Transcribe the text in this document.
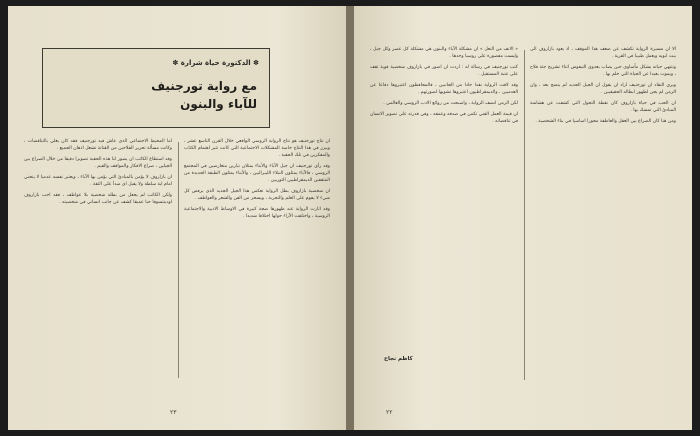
✽ الدكتورة حياة شرارة ✽
مع رواية تورجنيف
للآباء والبنون

ان نتاج تورجنيف هو نتاج الرواية الروسي الواقعي خلال القرن التاسع عشر ، ويبرز في هذا النتاج خاصة المشكلات الاجتماعية التي كانت تثير اهتمام الكتاب والمفكرين في تلك الحقبة .

وقد رأى تورجنيف ان جيل الآباء والأبناء يمثلان تيارين متعارضين في المجتمع الروسي ، فالآباء يمثلون النبلاء الليبراليين ، والأبناء يمثلون الطبقة الجديدة من المثقفين الديمقراطيين الثوريين .

ان شخصية بازاروف بطل الرواية تعكس هذا الجيل الجديد الذي يرفض كل شيء لا يقوم على العلم والتجربة ، ويسخر من الفن والشعر والعواطف .

وقد اثارت الرواية عند ظهورها ضجة كبيرة في الاوساط الادبية والاجتماعية الروسية ، واختلفت الآراء حولها اختلافا شديدا .

اما المحيط الاجتماعي الذي عاش فيه تورجنيف فقد كان يغلي بالتناقضات ، وكانت مسألة تحرير الفلاحين من القنانة تشغل اذهان الجميع .

وقد استطاع الكاتب ان يصور لنا هذه الحقبة تصويرا دقيقا من خلال الصراع بين الجيلين ، صراع الافكار والمواقف والقيم .

ان بازاروف لا يؤمن بالمبادئ التي يؤمن بها الآباء ، ويعتبر نفسه عدميا لا ينحني امام اية سلطة ولا يقبل اي مبدأ على الثقة .

ولكن الكاتب لم يجعل من بطله شخصية بلا عواطف ، فقد احب بازاروف اودينتسوفا حبا عميقا كشف عن جانب انساني في شخصيته .

٢٣

الا ان مسيرة الرواية تكشف عن ضعف هذا الموقف ، اذ يعود بازاروف الى بيت ابويه ويعمل طبيبا في القرية .

وتنتهي حياته بشكل مأساوي حين يصاب بعدوى التيفوس اثناء تشريح جثة فلاح ، ويموت بعيدا عن الحياة التي حلم بها .

ويرى النقاد ان تورجنيف اراد ان يقول ان الجيل الجديد لم ينضج بعد ، وان الزمن لم يحن لظهور ابطاله الحقيقيين .

ان الحب في حياة بازاروف كان نقطة التحول التي كشفت عن هشاشة المبادئ التي تمسك بها .

ومن هنا كان الصراع بين العقل والعاطفة محورا اساسيا في بناء الشخصية .

« الانف من النعل » ان مشكلة الآباء والبنون هي مشكلة كل عصر وكل جيل ، وليست مقصورة على روسيا وحدها .

كتب تورجنيف في رسالة له : اردت ان اصور في بازاروف شخصية قوية تقف على عتبة المستقبل .

وقد لاقت الرواية نقدا حادا من الجانبين ، فالمحافظون اعتبروها دفاعا عن العدميين ، والديمقراطيون اعتبروها تشويها لصورتهم .

لكن الزمن انصف الرواية ، واصبحت من روائع الادب الروسي والعالمي .

ان قيمة العمل الفني تكمن في صدقه وعمقه ، وفي قدرته على تصوير الانسان في تناقضاته .

كاظم نجاح
٢٢
